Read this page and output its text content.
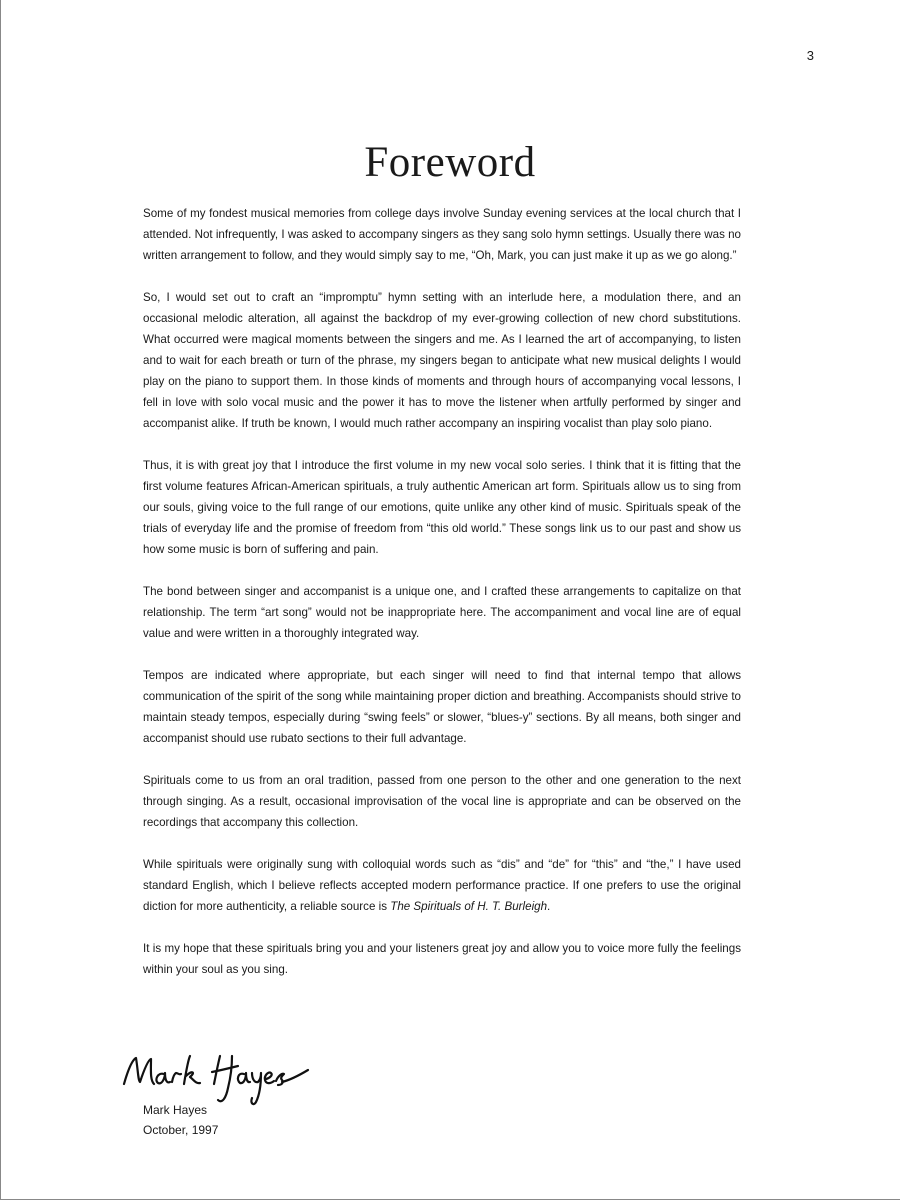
3
Foreword

Some of my fondest musical memories from college days involve Sunday evening services at the local church that I attended. Not infrequently, I was asked to accompany singers as they sang solo hymn settings. Usually there was no written arrangement to follow, and they would simply say to me, “Oh, Mark, you can just make it up as we go along.”

So, I would set out to craft an “impromptu” hymn setting with an interlude here, a modulation there, and an occasional melodic alteration, all against the backdrop of my ever-growing collection of new chord substitutions. What occurred were magical moments between the singers and me. As I learned the art of accompanying, to listen and to wait for each breath or turn of the phrase, my singers began to anticipate what new musical delights I would play on the piano to support them. In those kinds of moments and through hours of accompanying vocal lessons, I fell in love with solo vocal music and the power it has to move the listener when artfully performed by singer and accompanist alike. If truth be known, I would much rather accompany an inspiring vocalist than play solo piano.

Thus, it is with great joy that I introduce the first volume in my new vocal solo series. I think that it is fitting that the first volume features African-American spirituals, a truly authentic American art form. Spirituals allow us to sing from our souls, giving voice to the full range of our emotions, quite unlike any other kind of music. Spirituals speak of the trials of everyday life and the promise of freedom from “this old world.” These songs link us to our past and show us how some music is born of suffering and pain.

The bond between singer and accompanist is a unique one, and I crafted these arrangements to capitalize on that relationship. The term “art song” would not be inappropriate here. The accompaniment and vocal line are of equal value and were written in a thoroughly integrated way.

Tempos are indicated where appropriate, but each singer will need to find that internal tempo that allows communication of the spirit of the song while maintaining proper diction and breathing. Accompanists should strive to maintain steady tempos, especially during “swing feels” or slower, “blues-y” sections. By all means, both singer and accompanist should use rubato sections to their full advantage.

Spirituals come to us from an oral tradition, passed from one person to the other and one generation to the next through singing. As a result, occasional improvisation of the vocal line is appropriate and can be observed on the recordings that accompany this collection.

While spirituals were originally sung with colloquial words such as “dis” and “de” for “this” and “the,” I have used standard English, which I believe reflects accepted modern performance practice. If one prefers to use the original diction for more authenticity, a reliable source is The Spirituals of H. T. Burleigh.

It is my hope that these spirituals bring you and your listeners great joy and allow you to voice more fully the feelings within your soul as you sing.

Mark Hayes
October, 1997
